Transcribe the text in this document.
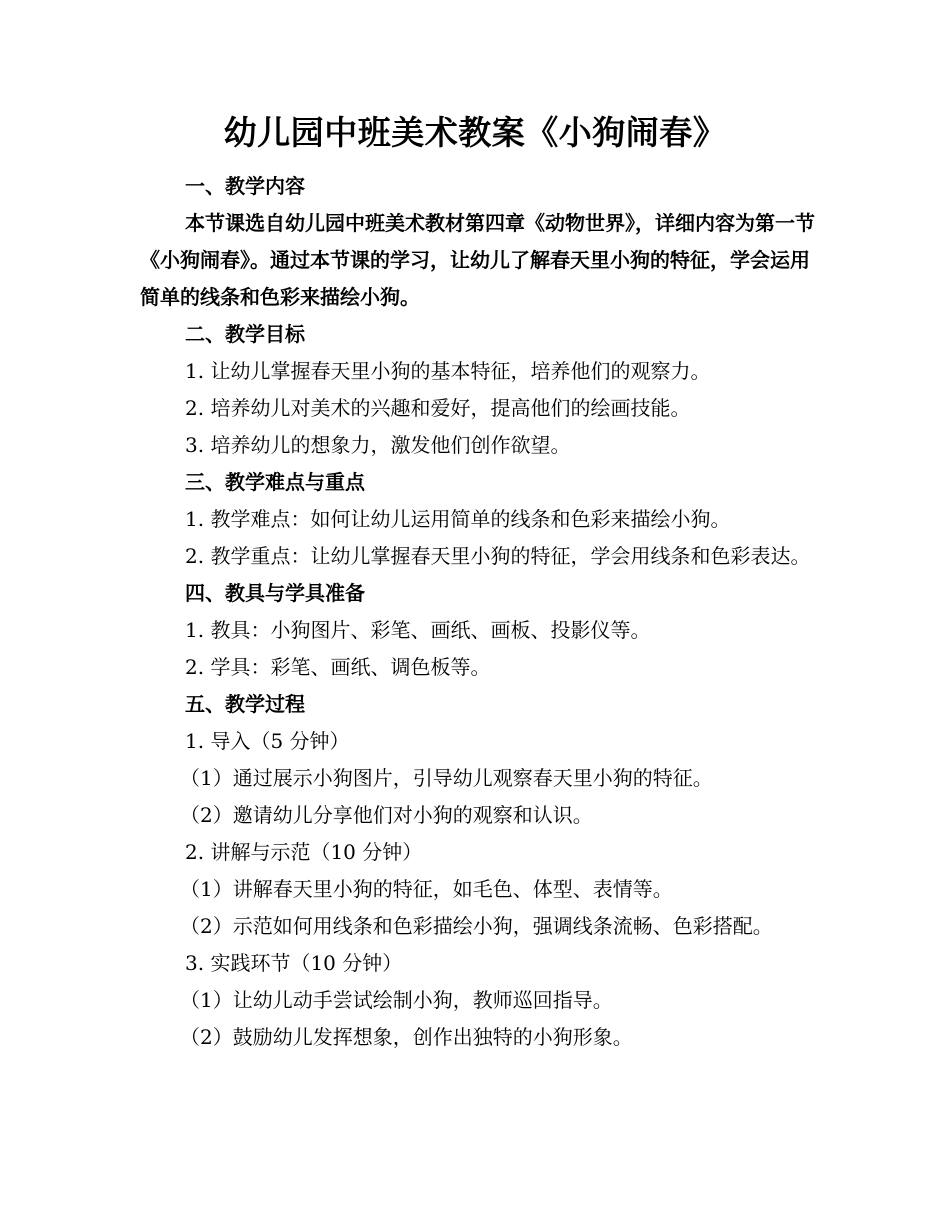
幼儿园中班美术教案《小狗闹春》

一、教学内容

本节课选自幼儿园中班美术教材第四章《动物世界》，详细内容为第一节《小狗闹春》。通过本节课的学习，让幼儿了解春天里小狗的特征，学会运用简单的线条和色彩来描绘小狗。

二、教学目标

1. 让幼儿掌握春天里小狗的基本特征，培养他们的观察力。

2. 培养幼儿对美术的兴趣和爱好，提高他们的绘画技能。

3. 培养幼儿的想象力，激发他们创作欲望。

三、教学难点与重点

1. 教学难点：如何让幼儿运用简单的线条和色彩来描绘小狗。

2. 教学重点：让幼儿掌握春天里小狗的特征，学会用线条和色彩表达。

四、教具与学具准备

1. 教具：小狗图片、彩笔、画纸、画板、投影仪等。

2. 学具：彩笔、画纸、调色板等。

五、教学过程

1. 导入（5 分钟）

（1）通过展示小狗图片，引导幼儿观察春天里小狗的特征。

（2）邀请幼儿分享他们对小狗的观察和认识。

2. 讲解与示范（10 分钟）

（1）讲解春天里小狗的特征，如毛色、体型、表情等。

（2）示范如何用线条和色彩描绘小狗，强调线条流畅、色彩搭配。

3. 实践环节（10 分钟）

（1）让幼儿动手尝试绘制小狗，教师巡回指导。

（2）鼓励幼儿发挥想象，创作出独特的小狗形象。
